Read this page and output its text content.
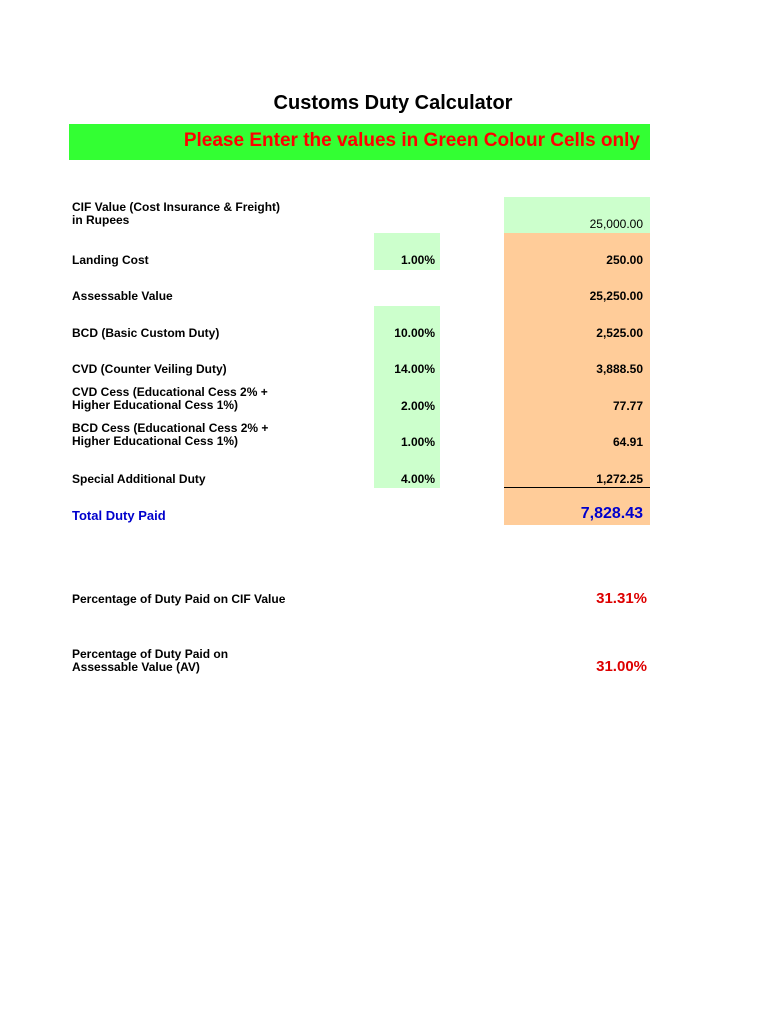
Customs Duty Calculator
Please Enter the values in Green Colour Cells only
CIF Value (Cost Insurance & Freight)
in Rupees	25,000.00
Landing Cost	1.00%	250.00
Assessable Value	25,250.00
BCD (Basic Custom Duty)	10.00%	2,525.00
CVD (Counter Veiling Duty)	14.00%	3,888.50
CVD Cess (Educational Cess 2% +
Higher Educational Cess 1%)	2.00%	77.77
BCD Cess (Educational Cess 2% +
Higher Educational Cess 1%)	1.00%	64.91
Special Additional Duty	4.00%	1,272.25
Total Duty Paid	7,828.43
Percentage of Duty Paid on CIF Value	31.31%
Percentage of Duty Paid on
Assessable Value (AV)	31.00%
